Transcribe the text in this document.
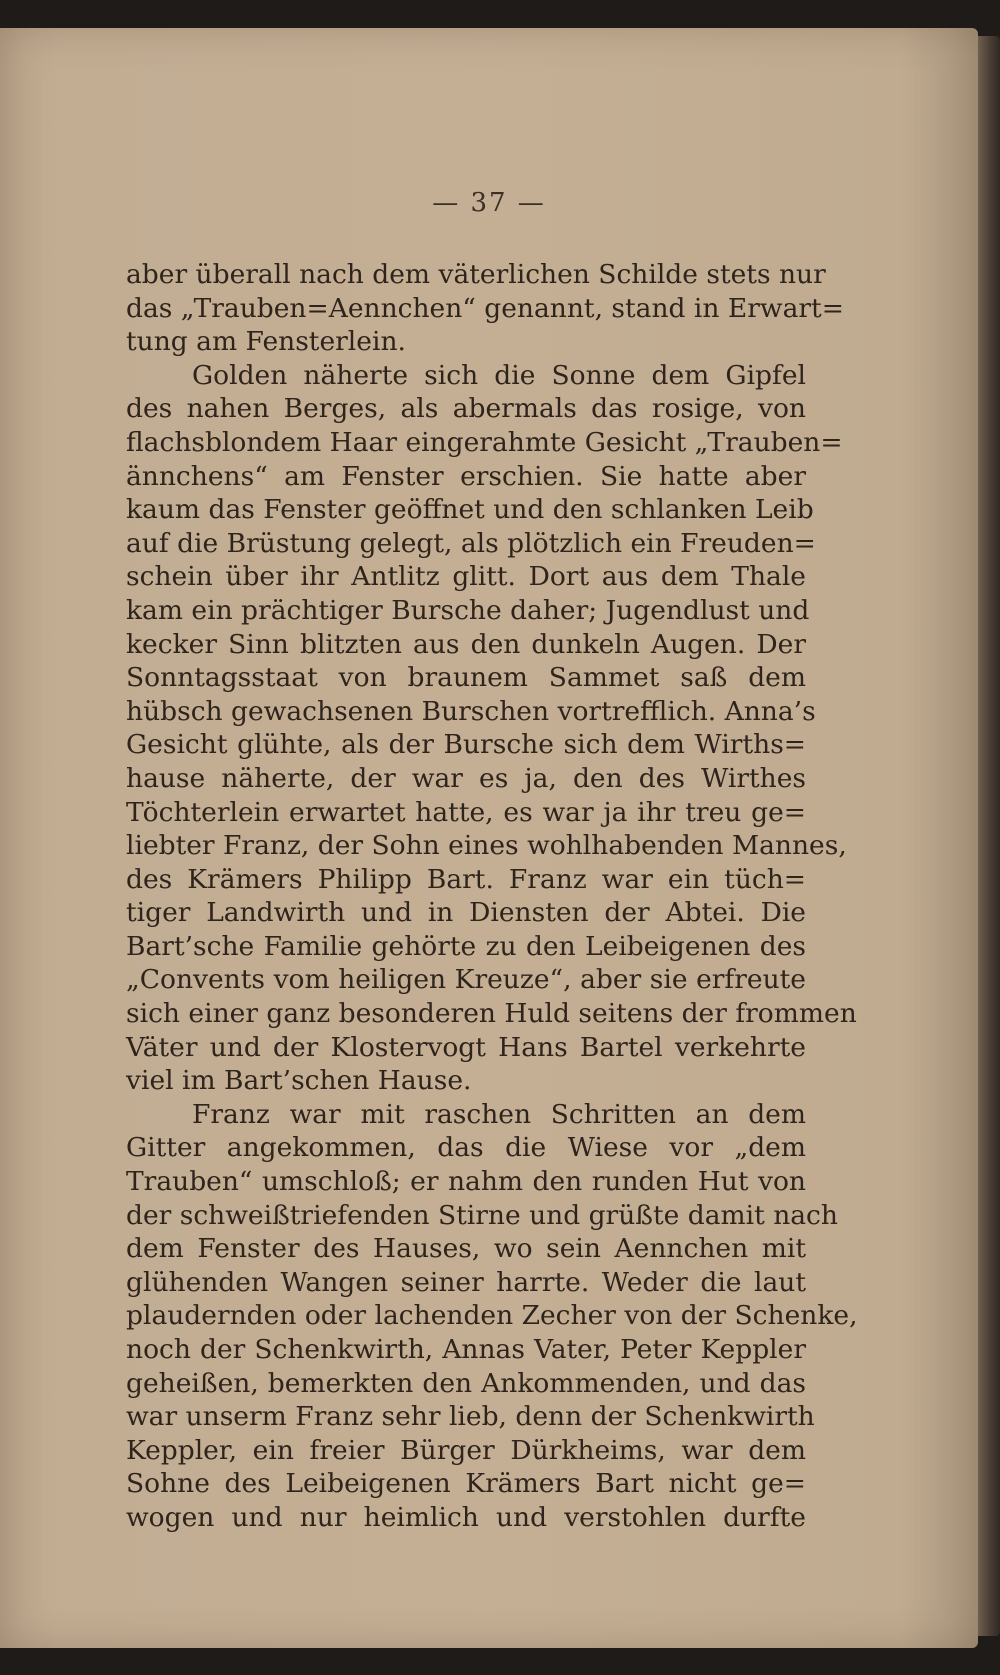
— 37 —
aber überall nach dem väterlichen Schilde stets nur
das „Trauben=Aennchen“ genannt, stand in Erwart=
tung am Fensterlein.
Golden näherte sich die Sonne dem Gipfel
des nahen Berges, als abermals das rosige, von
flachsblondem Haar eingerahmte Gesicht „Trauben=
ännchens“ am Fenster erschien. Sie hatte aber
kaum das Fenster geöffnet und den schlanken Leib
auf die Brüstung gelegt, als plötzlich ein Freuden=
schein über ihr Antlitz glitt. Dort aus dem Thale
kam ein prächtiger Bursche daher; Jugendlust und
kecker Sinn blitzten aus den dunkeln Augen. Der
Sonntagsstaat von braunem Sammet saß dem
hübsch gewachsenen Burschen vortrefflich. Anna’s
Gesicht glühte, als der Bursche sich dem Wirths=
hause näherte, der war es ja, den des Wirthes
Töchterlein erwartet hatte, es war ja ihr treu ge=
liebter Franz, der Sohn eines wohlhabenden Mannes,
des Krämers Philipp Bart. Franz war ein tüch=
tiger Landwirth und in Diensten der Abtei. Die
Bart’sche Familie gehörte zu den Leibeigenen des
„Convents vom heiligen Kreuze“, aber sie erfreute
sich einer ganz besonderen Huld seitens der frommen
Väter und der Klostervogt Hans Bartel verkehrte
viel im Bart’schen Hause.
Franz war mit raschen Schritten an dem
Gitter angekommen, das die Wiese vor „dem
Trauben“ umschloß; er nahm den runden Hut von
der schweißtriefenden Stirne und grüßte damit nach
dem Fenster des Hauses, wo sein Aennchen mit
glühenden Wangen seiner harrte. Weder die laut
plaudernden oder lachenden Zecher von der Schenke,
noch der Schenkwirth, Annas Vater, Peter Keppler
geheißen, bemerkten den Ankommenden, und das
war unserm Franz sehr lieb, denn der Schenkwirth
Keppler, ein freier Bürger Dürkheims, war dem
Sohne des Leibeigenen Krämers Bart nicht ge=
wogen und nur heimlich und verstohlen durfte
